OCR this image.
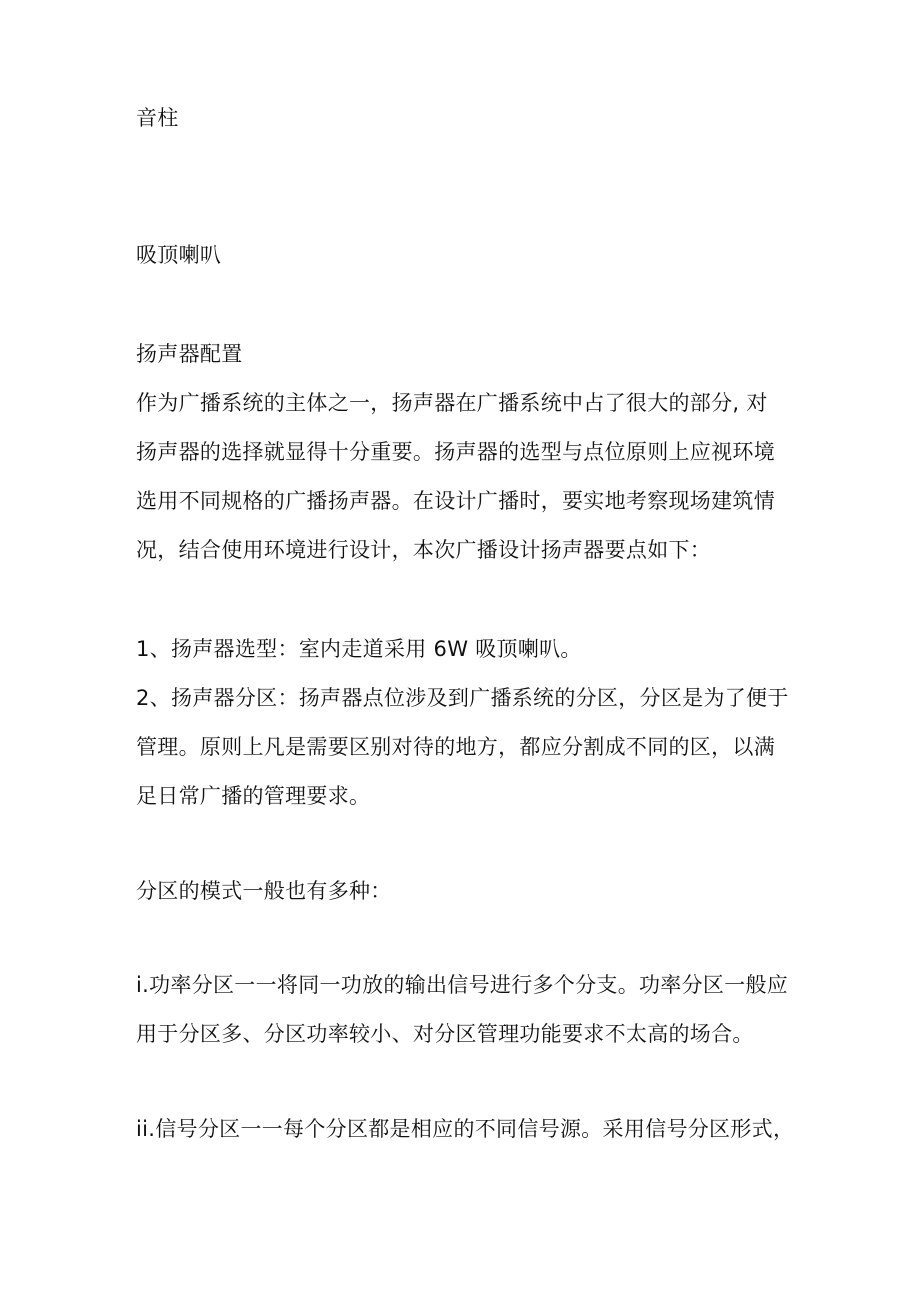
音柱
吸顶喇叭
扬声器配置
作为广播系统的主体之一，扬声器在广播系统中占了很大的部分, 对
扬声器的选择就显得十分重要。扬声器的选型与点位原则上应视环境
选用不同规格的广播扬声器。在设计广播时，要实地考察现场建筑情
况，结合使用环境进行设计，本次广播设计扬声器要点如下：
1、扬声器选型：室内走道采用 6W 吸顶喇叭。
2、扬声器分区：扬声器点位涉及到广播系统的分区，分区是为了便于
管理。原则上凡是需要区别对待的地方，都应分割成不同的区，以满
足日常广播的管理要求。
分区的模式一般也有多种：
i.功率分区一一将同一功放的输出信号进行多个分支。功率分区一般应
用于分区多、分区功率较小、对分区管理功能要求不太高的场合。
ii.信号分区一一每个分区都是相应的不同信号源。采用信号分区形式，
